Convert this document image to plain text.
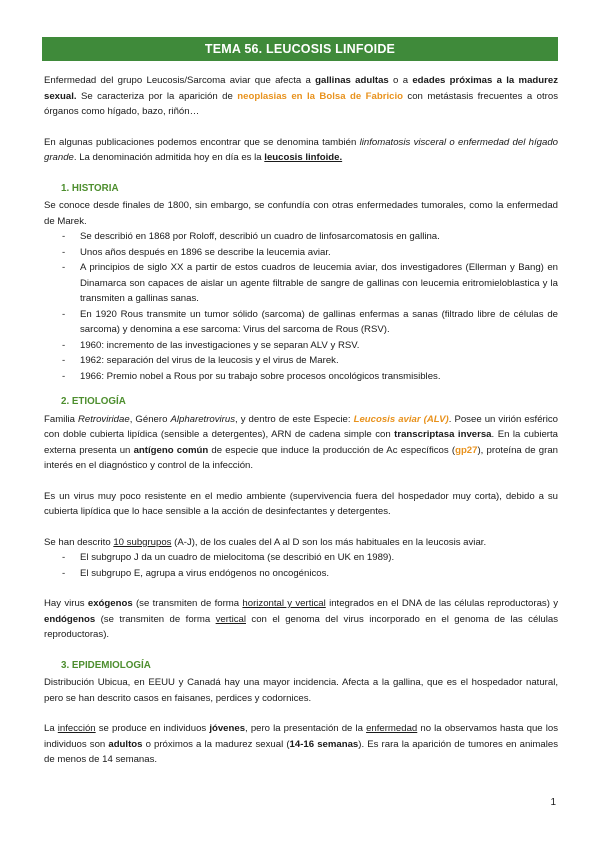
TEMA 56. LEUCOSIS LINFOIDE

Enfermedad del grupo Leucosis/Sarcoma aviar que afecta a gallinas adultas o a edades próximas a la madurez sexual. Se caracteriza por la aparición de neoplasias en la Bolsa de Fabricio con metástasis frecuentes a otros órganos como hígado, bazo, riñón…

En algunas publicaciones podemos encontrar que se denomina también linfomatosis visceral o enfermedad del hígado grande. La denominación admitida hoy en día es la leucosis linfoide.

1. HISTORIA

Se conoce desde finales de 1800, sin embargo, se confundía con otras enfermedades tumorales, como la enfermedad de Marek.

- Se describió en 1868 por Roloff, describió un cuadro de linfosarcomatosis en gallina.
- Unos años después en 1896 se describe la leucemia aviar.
- A principios de siglo XX a partir de estos cuadros de leucemia aviar, dos investigadores (Ellerman y Bang) en Dinamarca son capaces de aislar un agente filtrable de sangre de gallinas con leucemia eritromieloblastica y la transmiten a gallinas sanas.
- En 1920 Rous transmite un tumor sólido (sarcoma) de gallinas enfermas a sanas (filtrado libre de células de sarcoma) y denomina a ese sarcoma: Virus del sarcoma de Rous (RSV).
- 1960: incremento de las investigaciones y se separan ALV y RSV.
- 1962: separación del virus de la leucosis y el virus de Marek.
- 1966: Premio nobel a Rous por su trabajo sobre procesos oncológicos transmisibles.
2. ETIOLOGÍA

Familia Retroviridae, Género Alpharetrovirus, y dentro de este Especie: Leucosis aviar (ALV). Posee un virión esférico con doble cubierta lipídica (sensible a detergentes), ARN de cadena simple con transcriptasa inversa. En la cubierta externa presenta un antígeno común de especie que induce la producción de Ac específicos (gp27), proteína de gran interés en el diagnóstico y control de la infección.

Es un virus muy poco resistente en el medio ambiente (supervivencia fuera del hospedador muy corta), debido a su cubierta lipídica que lo hace sensible a la acción de desinfectantes y detergentes.

Se han descrito 10 subgrupos (A-J), de los cuales del A al D son los más habituales en la leucosis aviar.

- El subgrupo J da un cuadro de mielocitoma (se describió en UK en 1989).
- El subgrupo E, agrupa a virus endógenos no oncogénicos.

Hay virus exógenos (se transmiten de forma horizontal y vertical integrados en el DNA de las células reproductoras) y endógenos (se transmiten de forma vertical con el genoma del virus incorporado en el genoma de las células reproductoras).

3. EPIDEMIOLOGÍA

Distribución Ubicua, en EEUU y Canadá hay una mayor incidencia. Afecta a la gallina, que es el hospedador natural, pero se han descrito casos en faisanes, perdices y codornices.

La infección se produce en individuos jóvenes, pero la presentación de la enfermedad no la observamos hasta que los individuos son adultos o próximos a la madurez sexual (14-16 semanas). Es rara la aparición de tumores en animales de menos de 14 semanas.

1
